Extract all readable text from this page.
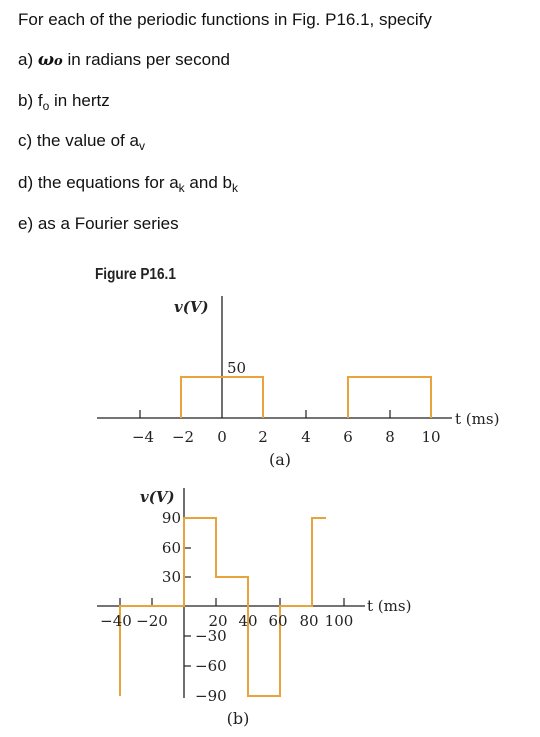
For each of the periodic functions in Fig. P16.1, specify
a) ωo in radians per second
b) $f_o$ in hertz
c) the value of $a_v$
d) the equations for $a_k$ and $b_k$
e) as a Fourier series
Figure P16.1
v(V)
50
t (ms)
−4 −2 0 2 4 6 8 10
(a)
v(V)
90
60
30
−30
−60
−90
−40 −20	20 40 60 80 100
t (ms)
(b)
